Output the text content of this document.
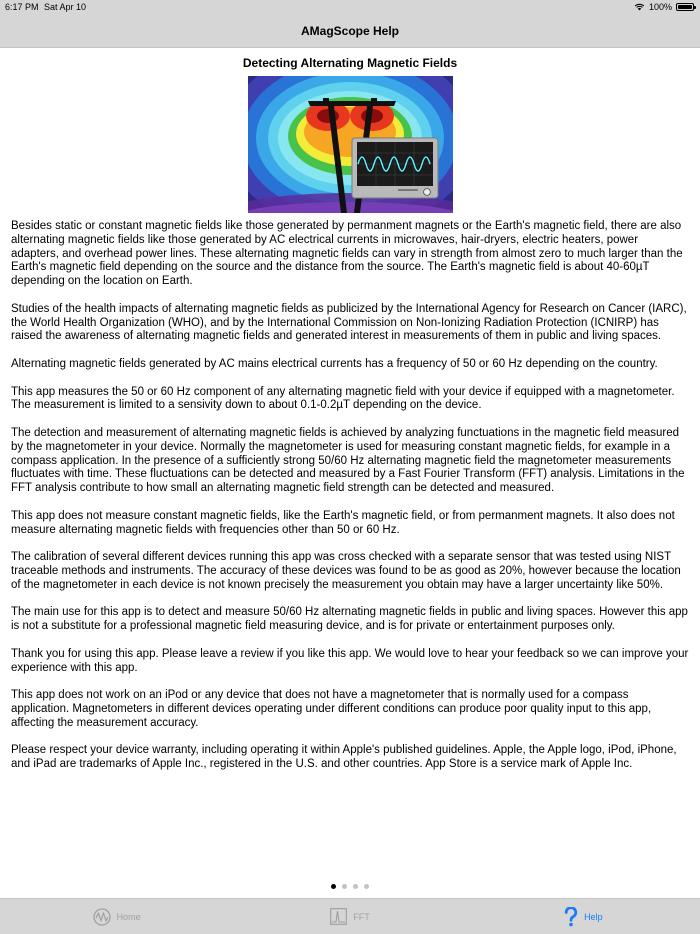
6:17 PM Sat Apr 10	100%
AMagScope Help
Detecting Alternating Magnetic Fields

Besides static or constant magnetic fields like those generated by permanment magnets or the Earth's magnetic field, there are also alternating magnetic fields like those generated by AC electrical currents in microwaves, hair-dryers, electric heaters, power adapters, and overhead power lines. These alternating magnetic fields can vary in strength from almost zero to much larger than the Earth's magnetic field depending on the source and the distance from the source. The Earth's magnetic field is about 40-60µT depending on the location on Earth.

Studies of the health impacts of alternating magnetic fields as publicized by the International Agency for Research on Cancer (IARC), the World Health Organization (WHO), and by the International Commission on Non-Ionizing Radiation Protection (ICNIRP) has raised the awareness of alternating magnetic fields and generated interest in measurements of them in public and living spaces.

Alternating magnetic fields generated by AC mains electrical currents has a frequency of 50 or 60 Hz depending on the country.

This app measures the 50 or 60 Hz component of any alternating magnetic field with your device if equipped with a magnetometer. The measurement is limited to a sensivity down to about 0.1-0.2µT depending on the device.

The detection and measurement of alternating magnetic fields is achieved by analyzing functuations in the magnetic field measured by the magnetometer in your device. Normally the magnetometer is used for measuring constant magnetic fields, for example in a compass application. In the presence of a sufficiently strong 50/60 Hz alternating magnetic field the magnetometer measurements fluctuates with time. These fluctuations can be detected and measured by a Fast Fourier Transform (FFT) analysis. Limitations in the FFT analysis contribute to how small an alternating magnetic field strength can be detected and measured.

This app does not measure constant magnetic fields, like the Earth's magnetic field, or from permanment magnets. It also does not measure alternating magnetic fields with frequencies other than 50 or 60 Hz.

The calibration of several different devices running this app was cross checked with a separate sensor that was tested using NIST traceable methods and instruments. The accuracy of these devices was found to be as good as 20%, however because the location of the magnetometer in each device is not known precisely the measurement you obtain may have a larger uncertainty like 50%.

The main use for this app is to detect and measure 50/60 Hz alternating magnetic fields in public and living spaces. However this app is not a substitute for a professional magnetic field measuring device, and is for private or entertainment purposes only.

Thank you for using this app. Please leave a review if you like this app. We would love to hear your feedback so we can improve your experience with this app.

This app does not work on an iPod or any device that does not have a magnetometer that is normally used for a compass application. Magnetometers in different devices operating under different conditions can produce poor quality input to this app, affecting the measurement accuracy.

Please respect your device warranty, including operating it within Apple's published guidelines. Apple, the Apple logo, iPod, iPhone, and iPad are trademarks of Apple Inc., registered in the U.S. and other countries. App Store is a service mark of Apple Inc.

Home	FFT	Help
